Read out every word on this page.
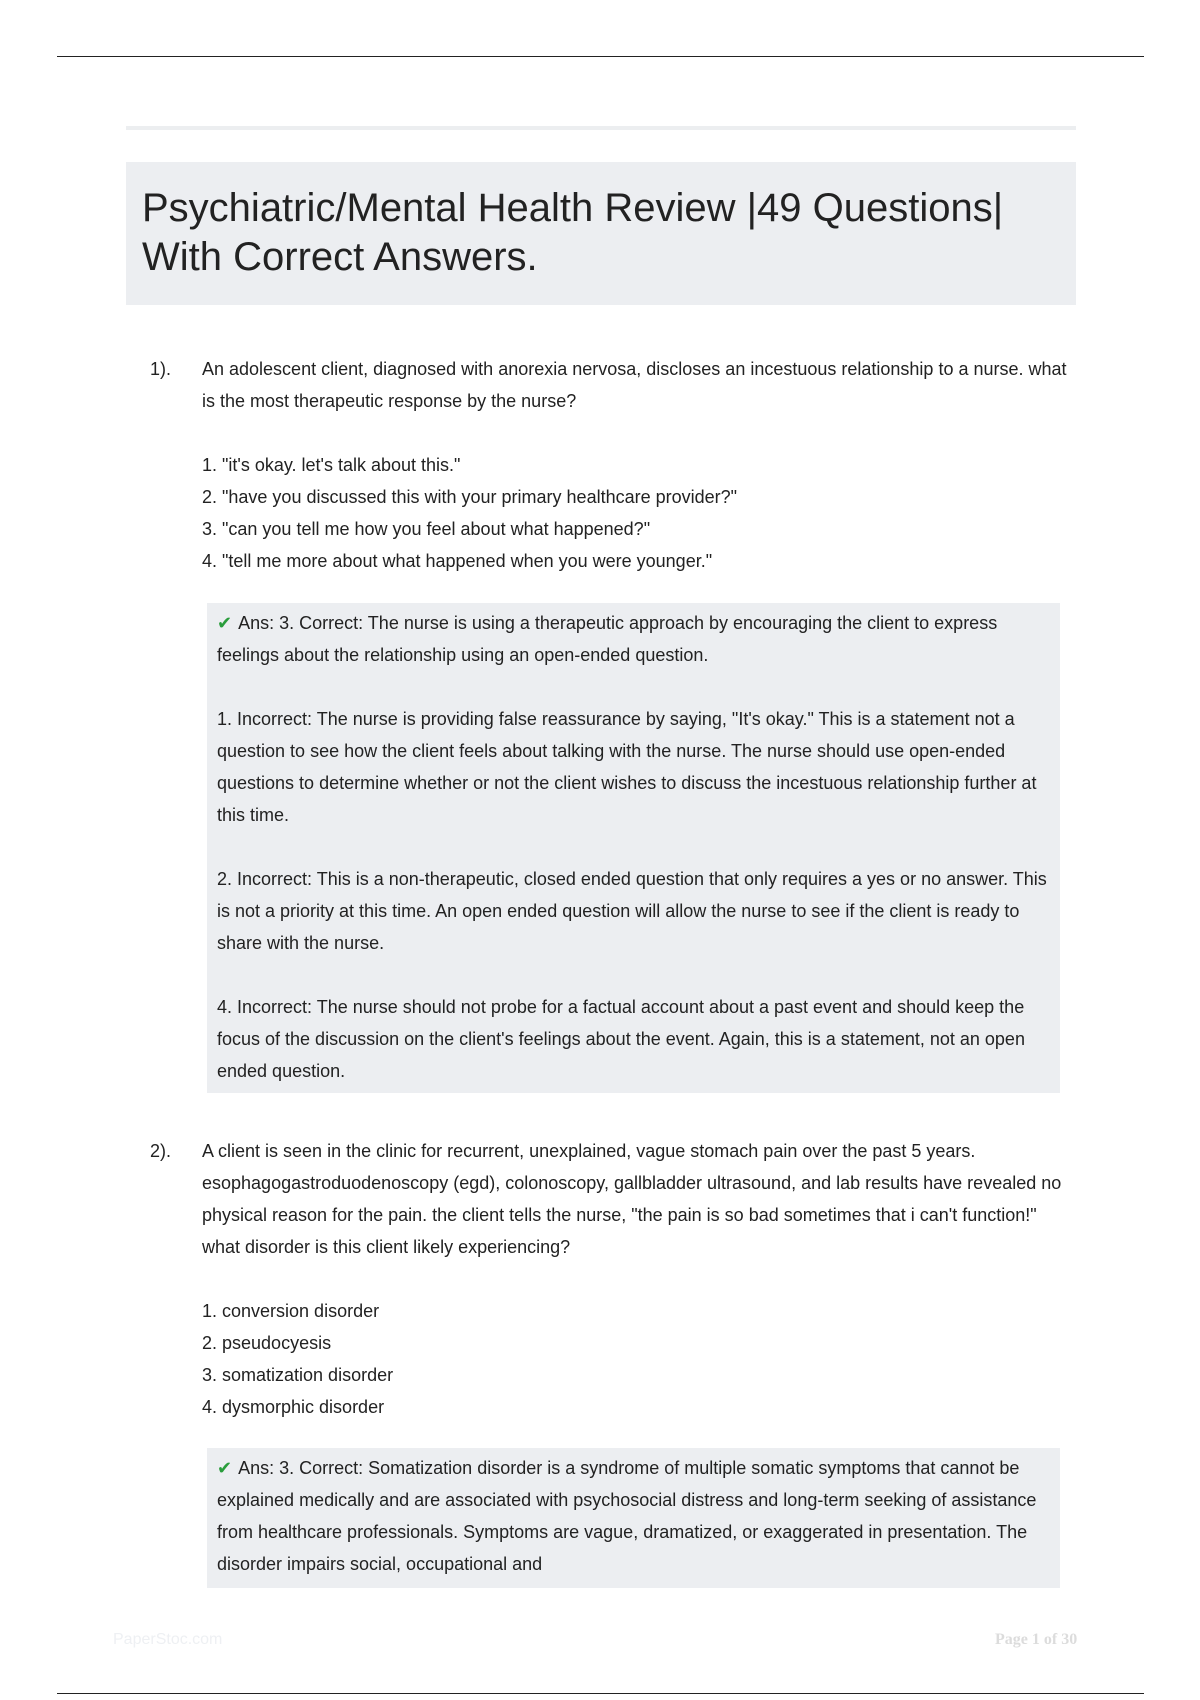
Psychiatric/Mental Health Review |49 Questions| With Correct Answers.
1). An adolescent client, diagnosed with anorexia nervosa, discloses an incestuous relationship to a nurse. what is the most therapeutic response by the nurse?

1. "it's okay. let's talk about this."
2. "have you discussed this with your primary healthcare provider?"
3. "can you tell me how you feel about what happened?"
4. "tell me more about what happened when you were younger."

✔ Ans: 3. Correct: The nurse is using a therapeutic approach by encouraging the client to express feelings about the relationship using an open-ended question.

1. Incorrect: The nurse is providing false reassurance by saying, "It's okay." This is a statement not a question to see how the client feels about talking with the nurse. The nurse should use open-ended questions to determine whether or not the client wishes to discuss the incestuous relationship further at this time.

2. Incorrect: This is a non-therapeutic, closed ended question that only requires a yes or no answer. This is not a priority at this time. An open ended question will allow the nurse to see if the client is ready to share with the nurse.

4. Incorrect: The nurse should not probe for a factual account about a past event and should keep the focus of the discussion on the client's feelings about the event. Again, this is a statement, not an open ended question.

2). A client is seen in the clinic for recurrent, unexplained, vague stomach pain over the past 5 years. esophagogastroduodenoscopy (egd), colonoscopy, gallbladder ultrasound, and lab results have revealed no physical reason for the pain. the client tells the nurse, "the pain is so bad sometimes that i can't function!" what disorder is this client likely experiencing?

1. conversion disorder
2. pseudocyesis
3. somatization disorder
4. dysmorphic disorder

✔ Ans: 3. Correct: Somatization disorder is a syndrome of multiple somatic symptoms that cannot be explained medically and are associated with psychosocial distress and long-term seeking of assistance from healthcare professionals. Symptoms are vague, dramatized, or exaggerated in presentation. The disorder impairs social, occupational and

PaperStoc.com	Page 1 of 30
